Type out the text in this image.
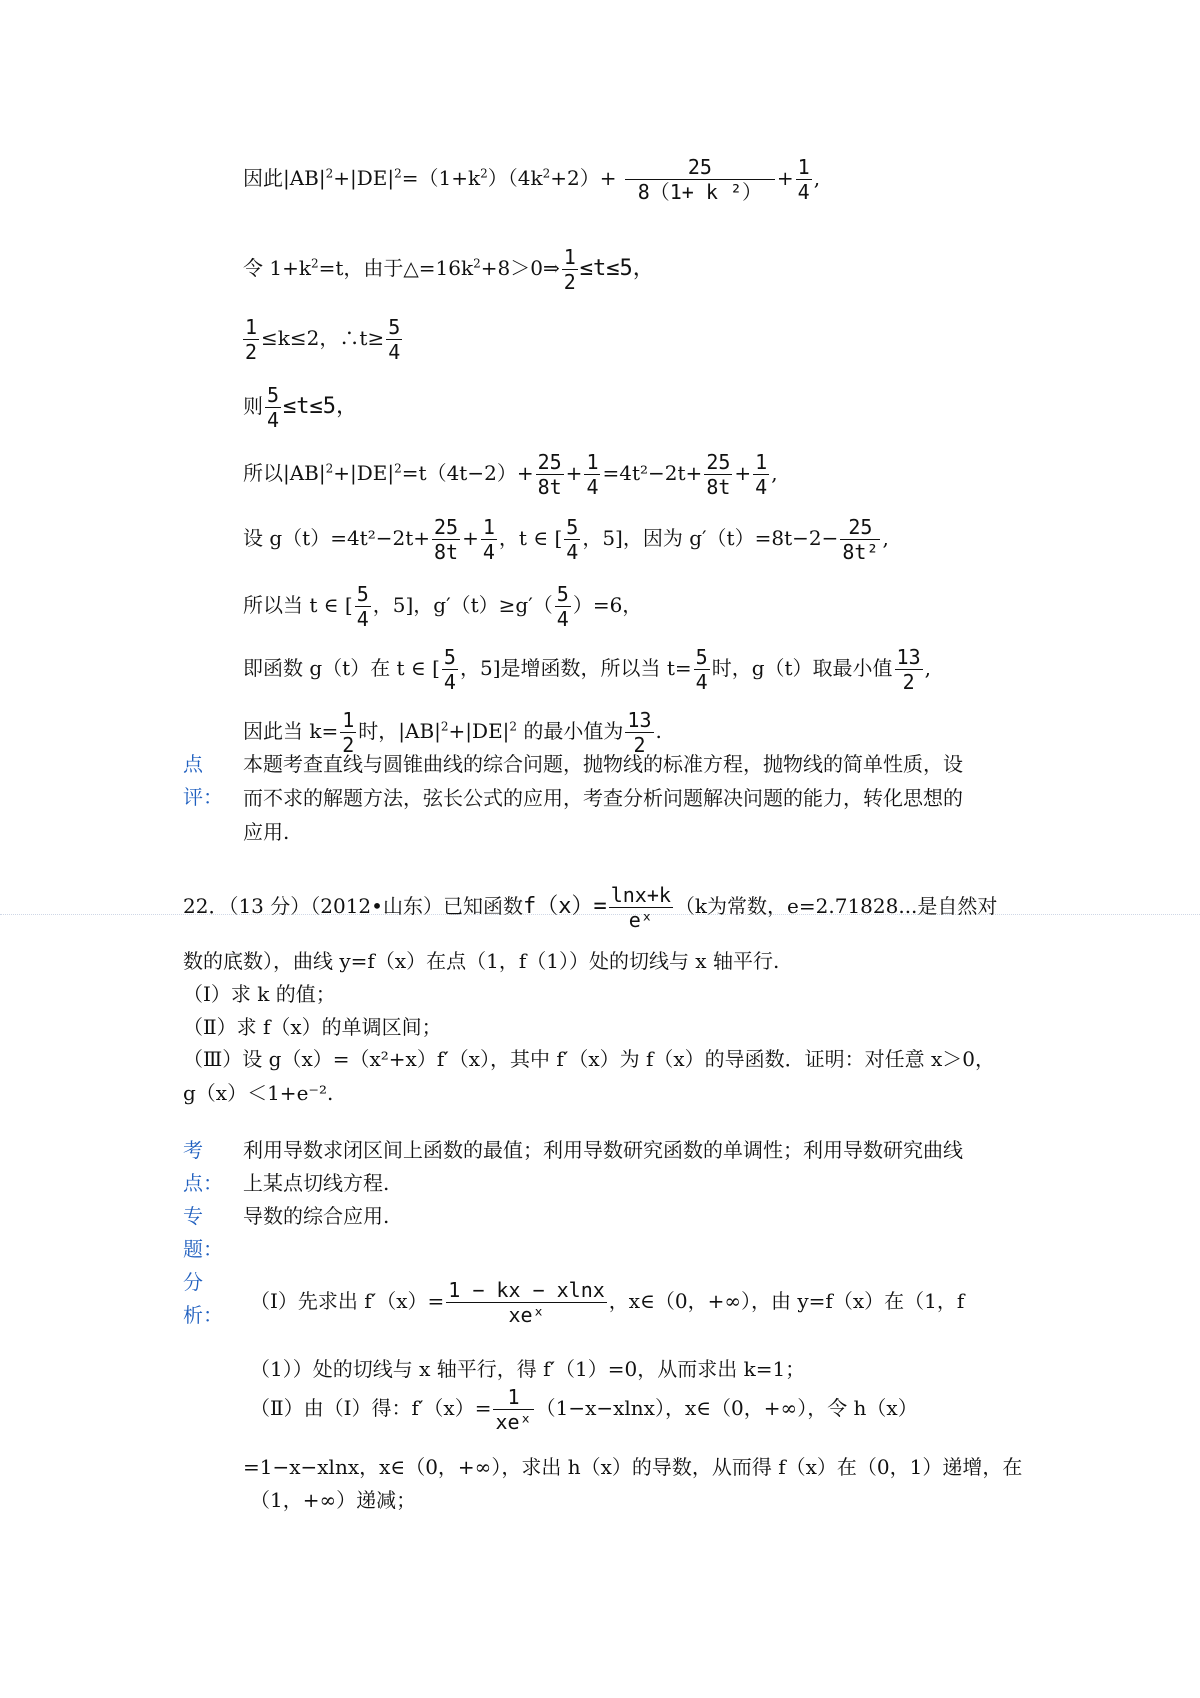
因此$|AB|^2+|DE|^2=(1+k^2)(4k^2+2)+ \frac{25}{\text{8（1+ k ²）}} + \frac{1}{4}$ ,
令 $1+k^2=t$，由于$\triangle=16k^2+8>0\Rightarrow \frac{1}{2} \le t\le 5$，
$\frac{1}{2} \le k\le 2$，∴t≥ $\frac{5}{4}$
则 $\frac{5}{4} \le t\le 5$，
所以$|AB|^2+|DE|^2=t(4t⁠-2)+ \frac{25}{8t} + \frac{1}{4} =4t^2-2t+ \frac{25}{8t} + \frac{1}{4}$ ,
设 $g(t)=4t^2-2t+ \frac{25}{8t} + \frac{1}{4}$ ，t ∈ [ $\frac{5}{4}$ ，5]，因为 $g'(t)=8t-2- \frac{25}{\text{8t²}}$ ,
所以当 t ∈ [ $\frac{5}{4}$ ，5]，$g'(t)\ge g'( \frac{5}{4} )=6$，
即函数 g（t）在 t ∈ [ $\frac{5}{4}$ ，5]是增函数，所以当 $t= \frac{5}{4}$ 时，g（t）取最小值 $\frac{13}{2}$ ,
因此当 $k= \frac{1}{2}$ 时，$|AB|^2+|DE|^2$ 的最小值为 $\frac{13}{2}$ .
点
评：
本题考查直线与圆锥曲线的综合问题，抛物线的标准方程，抛物线的简单性质，设
而不求的解题方法，弦长公式的应用，考查分析问题解决问题的能力，转化思想的
应用.
22．（13 分）（2012•山东）已知函数$f(x)= \frac{\ln x+k}{\text{eˣ}} (k$为常数，e=2.71828...是自然对
数的底数），曲线 y=f（x）在点（1，f（1））处的切线与 x 轴平行.
（Ⅰ）求 k 的值；
（Ⅱ）求 f（x）的单调区间；
（Ⅲ）设 g（x）=（x²+x）f′（x），其中 f′（x）为 f（x）的导函数．证明：对任意 x＞0，
g（x）＜1+e⁻².
考
点：
利用导数求闭区间上函数的最值；利用导数研究函数的单调性；利用导数研究曲线
上某点切线方程.
专
题：
导数的综合应用.
分
析：
（Ⅰ）先求出 $f'(x)= \frac{1 - kx - xlnx}{\text{xeˣ}}$ ，x∈（0，+∞），由 y=f（x）在（1，f
（1））处的切线与 x 轴平行，得 f′（1）=0，从而求出 k=1；
（Ⅱ）由（Ⅰ）得：$f'(x)= \frac{1}{\text{xeˣ}} (1-x-xlnx)$，x∈（0，+∞），令 h（x）
=1−x−xlnx，x∈（0，+∞），求出 h（x）的导数，从而得 f（x）在（0，1）递增，在
（1，+∞）递减；
